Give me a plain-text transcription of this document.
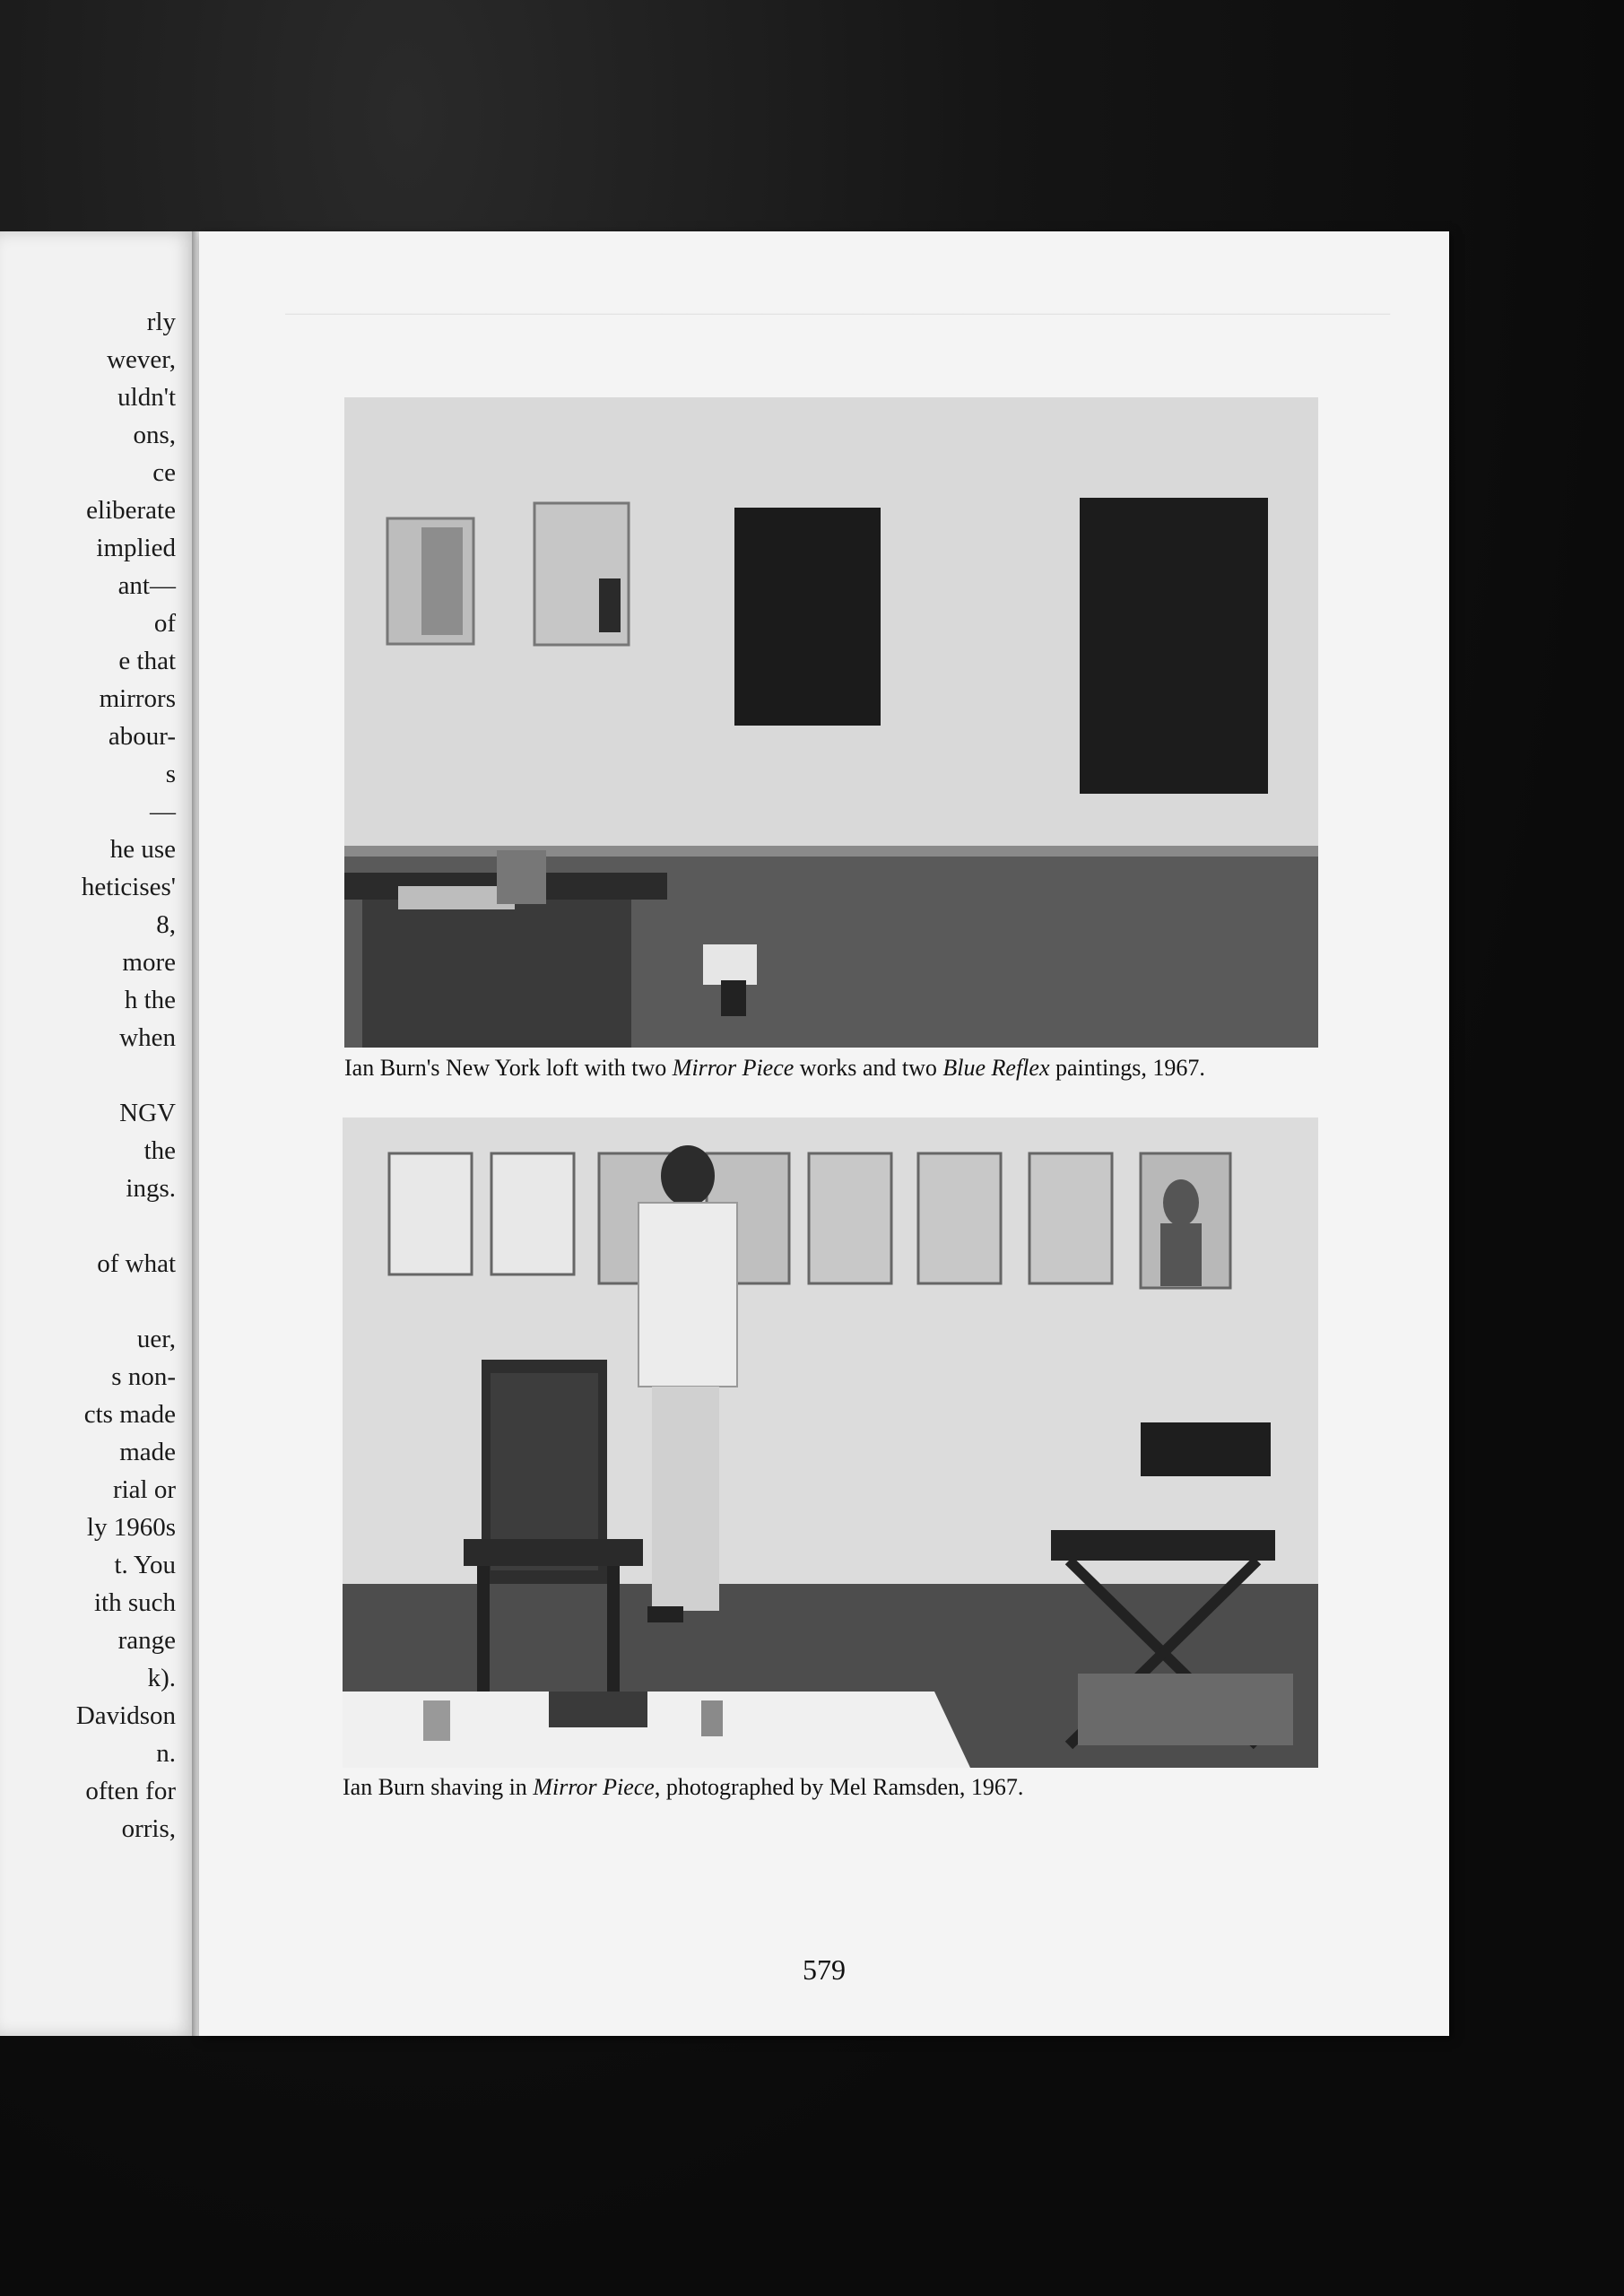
rly
wever,
uldn't
ons,
ce
eliberate
implied
ant—
of
e that
mirrors
abour-
s
—
he use
heticises'
8,
more
h the
when
NGV
the
ings.
of what
uer,
s non-
cts made
made
rial or
ly 1960s
t. You
ith such
range
k).
Davidson
n.
often for
orris,
————————————————————————————————————————————
Ian Burn's New York loft with two Mirror Piece works and two Blue Reflex paintings, 1967.
Ian Burn shaving in Mirror Piece, photographed by Mel Ramsden, 1967.
579
